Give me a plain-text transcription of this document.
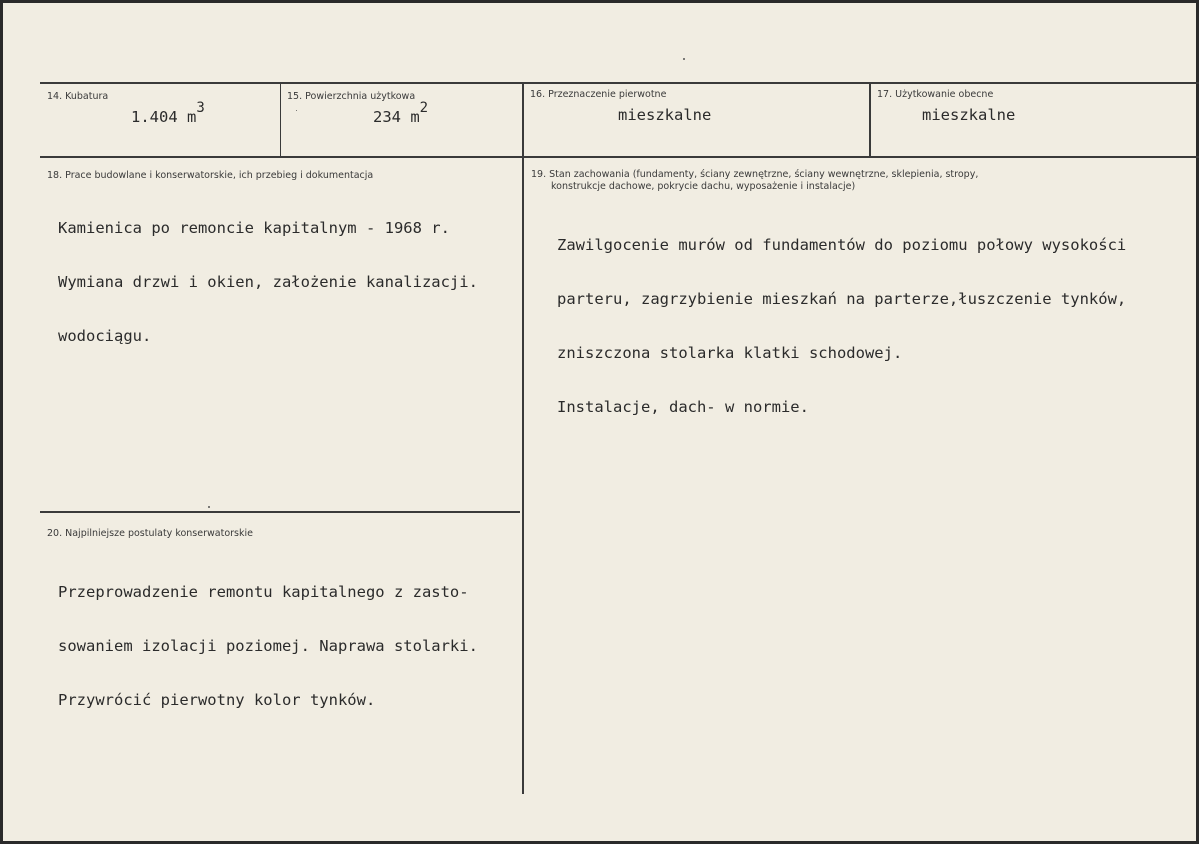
14. Kubatura
1.404 $m^3$
15. Powierzchnia użytkowa
234 $m^2$
16. Przeznaczenie pierwotne
mieszkalne
17. Użytkowanie obecne
mieszkalne
18. Prace budowlane i konserwatorskie, ich przebieg i dokumentacja

Kamienica po remoncie kapitalnym - 1968 r.

Wymiana drzwi i okien, założenie kanalizacji.

wodociągu.

19. Stan zachowania (fundamenty, ściany zewnętrzne, ściany wewnętrzne, sklepienia, stropy,
konstrukcje dachowe, pokrycie dachu, wyposażenie i instalacje)

Zawilgocenie murów od fundamentów do poziomu połowy wysokości

parteru, zagrzybienie mieszkań na parterze,łuszczenie tynków,

zniszczona stolarka klatki schodowej.

Instalacje, dach- w normie.

20. Najpilniejsze postulaty konserwatorskie

Przeprowadzenie remontu kapitalnego z zasto-

sowaniem izolacji poziomej. Naprawa stolarki.

Przywrócić pierwotny kolor tynków.
